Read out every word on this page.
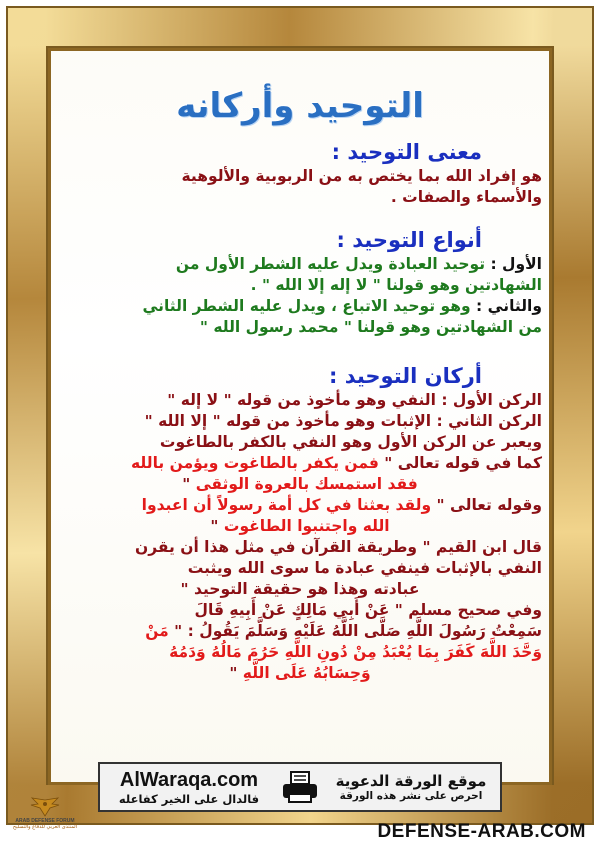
التوحيد وأركانه
معنى التوحيد :

هو إفراد الله بما يختص به من الربوبية والألوهية

والأسماء والصفات .

أنواع التوحيد :

الأول : توحيد العبادة ويدل عليه الشطر الأول من

الشهادتين وهو قولنا " لا إله إلا الله " .

والثاني : وهو توحيد الاتباع ، ويدل عليه الشطر الثاني

من الشهادتين وهو قولنا " محمد رسول الله "

أركان التوحيد :

الركن الأول : النفي وهو مأخوذ من قوله " لا إله "

الركن الثاني : الإثبات وهو مأخوذ من قوله " إلا الله "

ويعبر عن الركن الأول وهو النفي بالكفر بالطاغوت

كما في قوله تعالى " فمن يكفر بالطاغوت ويؤمن بالله

فقد استمسك بالعروة الوثقى "

وقوله تعالى " ولقد بعثنا في كل أمة رسولاً أن اعبدوا

الله واجتنبوا الطاغوت "

قال ابن القيم " وطريقة القرآن في مثل هذا أن يقرن

النفي بالإثبات فينفي عبادة ما سوى الله ويثبت

عبادته وهذا هو حقيقة التوحيد "

وفي صحيح مسلم " عَنْ أَبِي مَالِكٍ عَنْ أَبِيهِ قَالَ

سَمِعْتُ رَسُولَ اللَّهِ صَلَّى اللَّهُ عَلَيْهِ وَسَلَّمَ يَقُولُ : " مَنْ

وَحَّدَ اللَّهَ كَفَرَ بِمَا يُعْبَدُ مِنْ دُونِ اللَّهِ حَرُمَ مَالُهُ وَدَمُهُ

وَحِسَابُهُ عَلَى اللَّهِ "

AlWaraqa.com
فالدال على الخير كفاعله
موقع الورقة الدعوية
احرص على نشر هذه الورقة
ARAB DEFENSE FORUM
المنتدى العربي للدفاع والتسليح	DEFENSE-ARAB.COM
